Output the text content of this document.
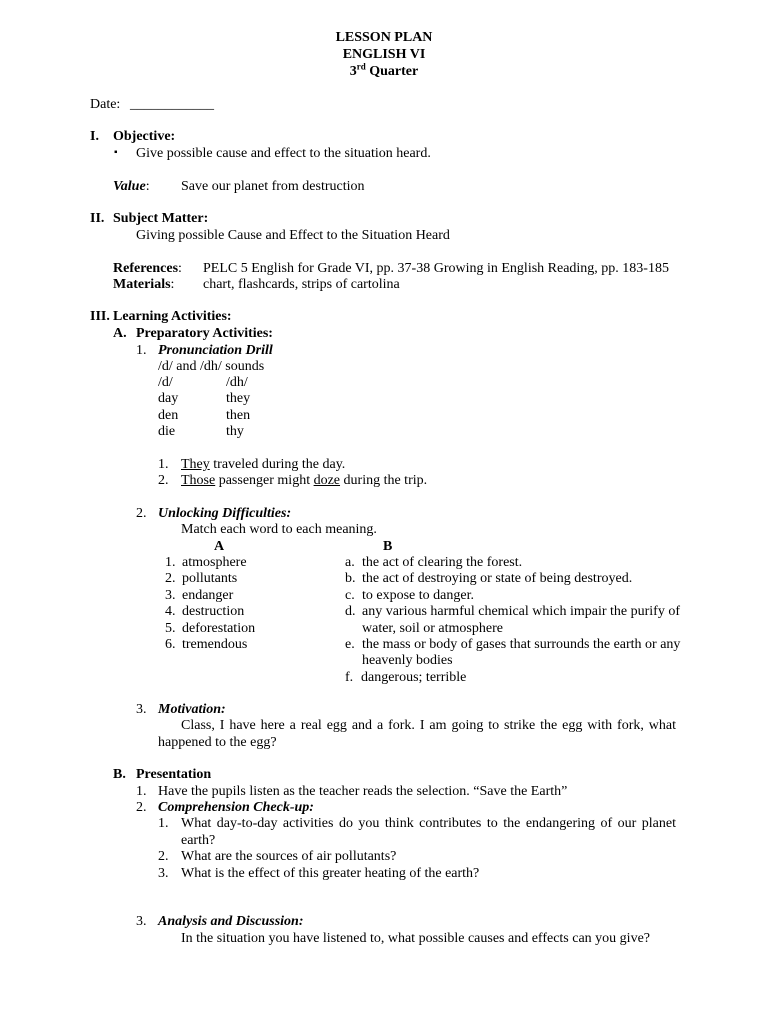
LESSON PLAN
ENGLISH VI
3rd Quarter
Date: ____________
I. Objective:
▪ Give possible cause and effect to the situation heard.
Value: Save our planet from destruction
II. Subject Matter:
Giving possible Cause and Effect to the Situation Heard
References: PELC 5 English for Grade VI, pp. 37-38 Growing in English Reading, pp. 183-185
Materials: chart, flashcards, strips of cartolina
III. Learning Activities:
A. Preparatory Activities:
1. Pronunciation Drill
/d/ and /dh/ sounds
/d/
day
den
die
/dh/
they
then
thy
1. They traveled during the day.
2. Those passenger might doze during the trip.
2. Unlocking Difficulties:
Match each word to each meaning.
A	B
1. atmosphere
2. pollutants
3. endanger
4. destruction
5. deforestation
6. tremendous
a. the act of clearing the forest.
b. the act of destroying or state of being destroyed.
c. to expose to danger.
d. any various harmful chemical which impair the purify of
water, soil or atmosphere
e. the mass or body of gases that surrounds the earth or any
heavenly bodies
f. dangerous; terrible
3. Motivation:
Class, I have here a real egg and a fork. I am going to strike the egg with fork, what
happened to the egg?
B. Presentation
1. Have the pupils listen as the teacher reads the selection. “Save the Earth”
2. Comprehension Check-up:
1. What day-to-day activities do you think contributes to the endangering of our planet
earth?
2. What are the sources of air pollutants?
3. What is the effect of this greater heating of the earth?
3. Analysis and Discussion:
In the situation you have listened to, what possible causes and effects can you give?
